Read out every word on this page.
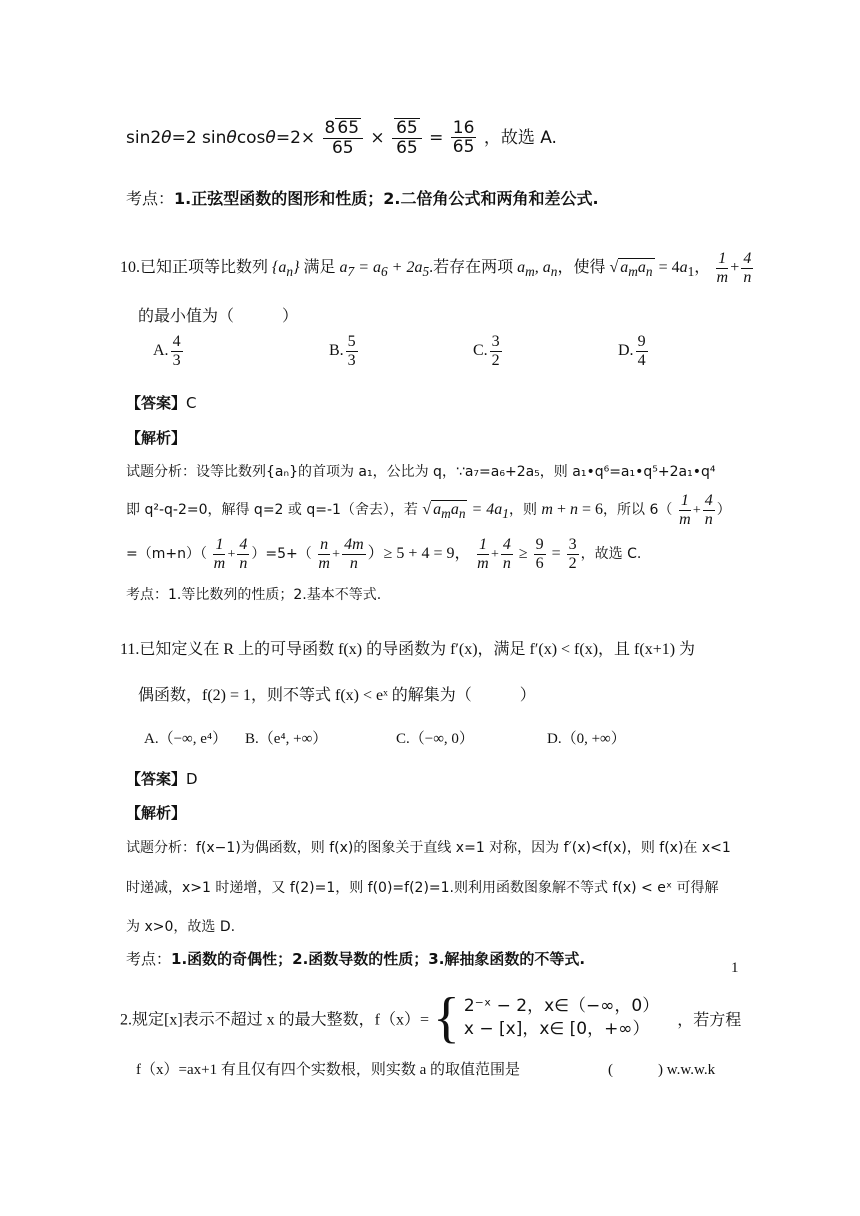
sin2θ=2 $\sin\theta\cos\theta=2\times \frac{8 65}{65} \times \frac{65}{65} = \frac{16}{65}$ ，故选 A.
考点：1.正弦型函数的图形和性质；2.二倍角公式和两角和差公式.
10.已知正项等比数列 $\{a_n\}$ 满足 $a_7 = a_6 + 2a_5$.若存在两项 $a_m$, $a_n$，使得 √ $a_ma_n = 4a_1$， $\frac{1}{m} + \frac{4}{n}$
的最小值为（　　　）
A. $\frac{4}{3}$	B. $\frac{5}{3}$	C. $\frac{3}{2}$	D. $\frac{9}{4}$
【答案】C
【解析】
试题分析：设等比数列{aₙ}的首项为 a₁，公比为 q，∵a₇=a₆+2a₅，则 a₁•q⁶=a₁•q⁵+2a₁•q⁴
即 q²-q-2=0，解得 q=2 或 q=-1（舍去），若 √ $a_ma_n = 4a_1$，则 m + n = 6，所以 $6( \frac{1}{m} + \frac{4}{n}$ ）
$=(m+n)( \frac{1}{m} + \frac{4}{n} )=5+( \frac{n}{m} + \frac{4m}{n}$ ）≥ 5 + 4 = 9， $\frac{1}{m} + \frac{4}{n} \ge \frac{9}{6} = \frac{3}{2}$ ，故选 C.
考点：1.等比数列的性质；2.基本不等式.
11.已知定义在 R 上的可导函数 f(x) 的导函数为 f′(x)，满足 f′(x) < f(x)，且 f(x+1) 为
偶函数，f(2) = 1，则不等式 f(x) < eˣ 的解集为（　　　）
A.（−∞, e⁴） B.（e⁴, +∞）	C.（−∞, 0）	D.（0, +∞）
【答案】D
【解析】
试题分析：f(x−1)为偶函数，则 f(x)的图象关于直线 x=1 对称，因为 f′(x)<f(x)，则 f(x)在 x<1
时递减，x>1 时递增，又 f(2)=1，则 f(0)=f(2)=1.则利用函数图象解不等式 f(x) < eˣ 可得解
为 x>0，故选 D.
考点：1.函数的奇偶性；2.函数导数的性质；3.解抽象函数的不等式.	1
2.规定[x]表示不超过 x 的最大整数，f（x）= { 2⁻ˣ − 2，x∈（−∞，0）
x − [x]，x∈ [0，+∞）	，若方程
f（x）=ax+1 有且仅有四个实数根，则实数 a 的取值范围是	(　　　) w.w.w.k
